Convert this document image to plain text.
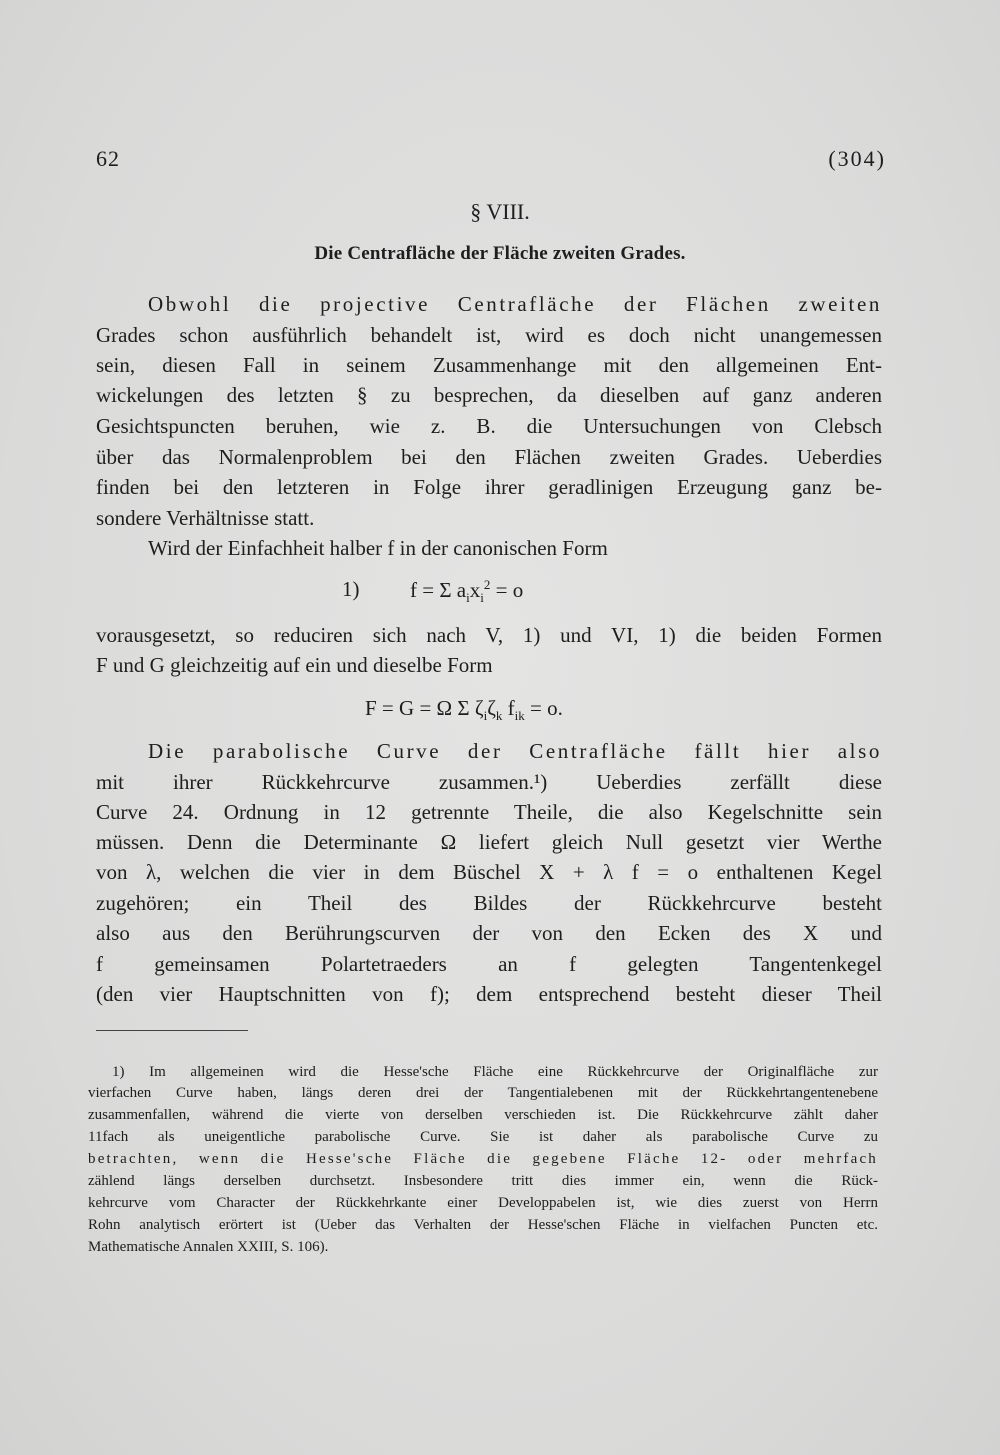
62	(304)
§ VIII.
Die Centrafläche der Fläche zweiten Grades.
Obwohl die projective Centrafläche der Flächen zweiten
Grades schon ausführlich behandelt ist, wird es doch nicht unangemessen
sein, diesen Fall in seinem Zusammenhange mit den allgemeinen Ent-
wickelungen des letzten § zu besprechen, da dieselben auf ganz anderen
Gesichtspuncten beruhen, wie z. B. die Untersuchungen von Clebsch
über das Normalenproblem bei den Flächen zweiten Grades. Ueberdies
finden bei den letzteren in Folge ihrer geradlinigen Erzeugung ganz be-
sondere Verhältnisse statt.
Wird der Einfachheit halber f in der canonischen Form
1) f = Σ $a_ix_i^2 = o$
vorausgesetzt, so reduciren sich nach V, 1) und VI, 1) die beiden Formen
F und G gleichzeitig auf ein und dieselbe Form
F = G = Ω Σ $\zeta_i\zeta_k$ $f_{ik} = o$.
Die parabolische Curve der Centrafläche fällt hier also
mit ihrer Rückkehrcurve zusammen.¹) Ueberdies zerfällt diese
Curve 24. Ordnung in 12 getrennte Theile, die also Kegelschnitte sein
müssen. Denn die Determinante Ω liefert gleich Null gesetzt vier Werthe
von λ, welchen die vier in dem Büschel X + λ f = o enthaltenen Kegel
zugehören; ein Theil des Bildes der Rückkehrcurve besteht
also aus den Berührungscurven der von den Ecken des X und
f gemeinsamen Polartetraeders an f gelegten Tangentenkegel
(den vier Hauptschnitten von f); dem entsprechend besteht dieser Theil
1) Im allgemeinen wird die Hesse'sche Fläche eine Rückkehrcurve der Originalfläche zur
vierfachen Curve haben, längs deren drei der Tangentialebenen mit der Rückkehrtangentenebene
zusammenfallen, während die vierte von derselben verschieden ist. Die Rückkehrcurve zählt daher
11fach als uneigentliche parabolische Curve. Sie ist daher als parabolische Curve zu
betrachten, wenn die Hesse'sche Fläche die gegebene Fläche 12- oder mehrfach
zählend längs derselben durchsetzt. Insbesondere tritt dies immer ein, wenn die Rück-
kehrcurve vom Character der Rückkehrkante einer Developpabelen ist, wie dies zuerst von Herrn
Rohn analytisch erörtert ist (Ueber das Verhalten der Hesse'schen Fläche in vielfachen Puncten etc.
Mathematische Annalen XXIII, S. 106).
